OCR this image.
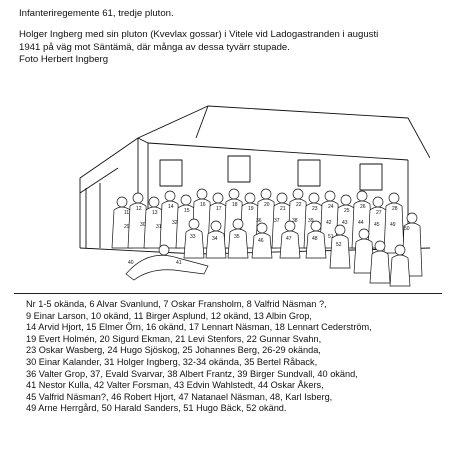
Infanteriregemente 61, tredje pluton.
Holger Ingberg med sin pluton (Kvevlax gossar) i Vitele vid Ladogastranden i augusti
1941 på väg mot Säntämä, där många av dessa tyvärr stupade.
Foto Herbert Ingberg
11
12
13
14
15
16
17
18
19
20
21
22
23 24
25
26
27
28
29 30 31
32
33	34	35
36 37 38 39
40	41
42 43 44 45
46	47	48
49
50
51
52
Nr 1-5 okända, 6 Alvar Svanlund, 7 Oskar Fransholm, 8 Valfrid Näsman ?,
9 Einar Larson, 10 okänd, 11 Birger Asplund, 12 okänd, 13 Albin Grop,
14 Arvid Hjort, 15 Elmer Örn, 16 okänd, 17 Lennart Näsman, 18 Lennart Cederström,
19 Evert Holmén, 20 Sigurd Ekman, 21 Levi Stenfors, 22 Gunnar Svahn,
23 Oskar Wasberg, 24 Hugo Sjöskog, 25 Johannes Berg, 26-29 okända,
30 Einar Kalander, 31 Holger Ingberg, 32-34 okända, 35 Bertel Råback,
36 Valter Grop, 37, Evald Svarvar, 38 Albert Frantz, 39 Birger Sundvall, 40 okänd,
41 Nestor Kulla, 42 Valter Forsman, 43 Edvin Wahlstedt, 44 Oskar Åkers,
45 Valfrid Näsman?, 46 Robert Hjort, 47 Natanael Näsman, 48, Karl Isberg,
49 Arne Herrgård, 50 Harald Sanders, 51 Hugo Bäck, 52 okänd.
